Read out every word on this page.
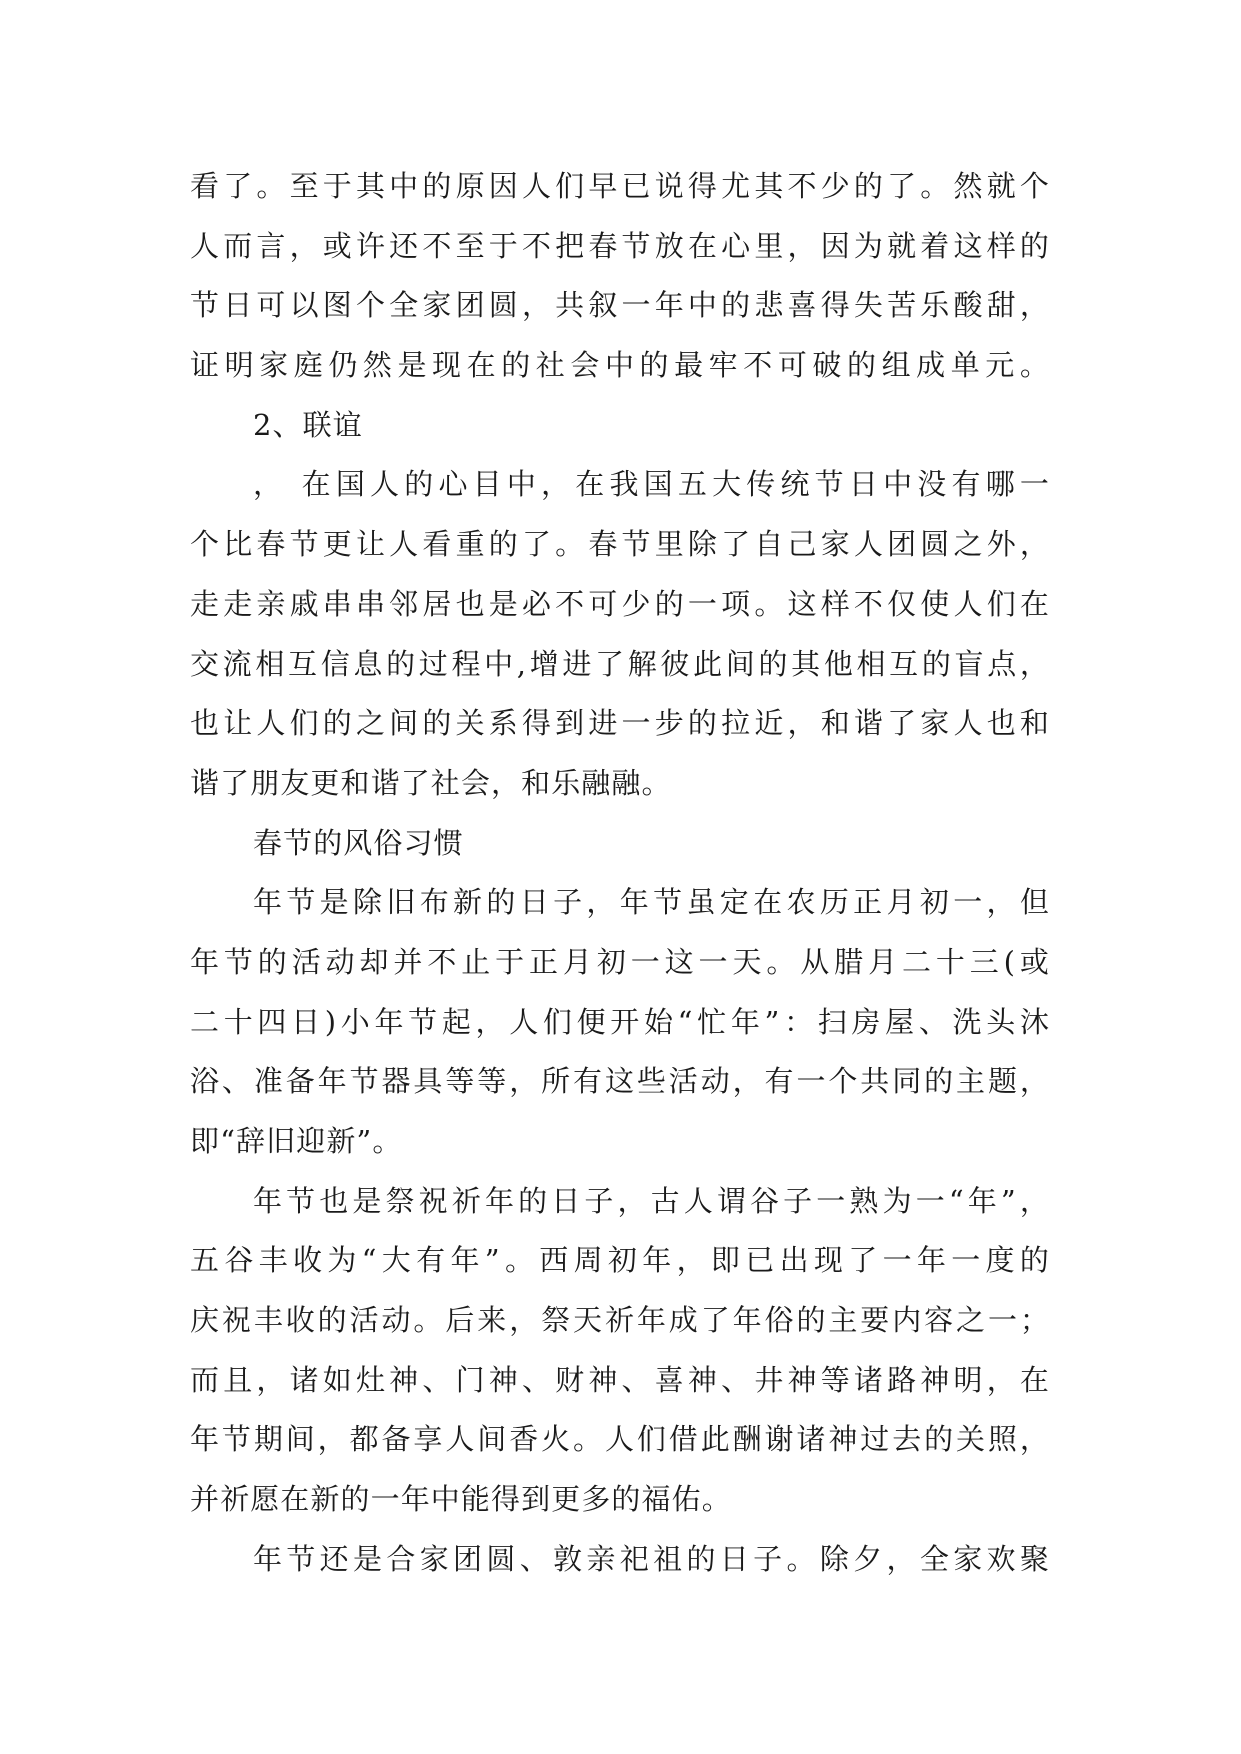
看了。至于其中的原因人们早已说得尤其不少的了。然就个
人而言，或许还不至于不把春节放在心里，因为就着这样的
节日可以图个全家团圆，共叙一年中的悲喜得失苦乐酸甜，
证明家庭仍然是现在的社会中的最牢不可破的组成单元。
2、联谊
， 在国人的心目中，在我国五大传统节日中没有哪一
个比春节更让人看重的了。春节里除了自己家人团圆之外，
走走亲戚串串邻居也是必不可少的一项。这样不仅使人们在
交流相互信息的过程中,增进了解彼此间的其他相互的盲点，
也让人们的之间的关系得到进一步的拉近，和谐了家人也和
谐了朋友更和谐了社会，和乐融融。
春节的风俗习惯
年节是除旧布新的日子，年节虽定在农历正月初一，但
年节的活动却并不止于正月初一这一天。从腊月二十三(或
二十四日)小年节起，人们便开始“忙年”：扫房屋、洗头沐
浴、准备年节器具等等，所有这些活动，有一个共同的主题，
即“辞旧迎新”。
年节也是祭祝祈年的日子，古人谓谷子一熟为一“年”，
五谷丰收为“大有年”。西周初年，即已出现了一年一度的
庆祝丰收的活动。后来，祭天祈年成了年俗的主要内容之一；
而且，诸如灶神、门神、财神、喜神、井神等诸路神明，在
年节期间，都备享人间香火。人们借此酬谢诸神过去的关照，
并祈愿在新的一年中能得到更多的福佑。
年节还是合家团圆、敦亲祀祖的日子。除夕，全家欢聚
